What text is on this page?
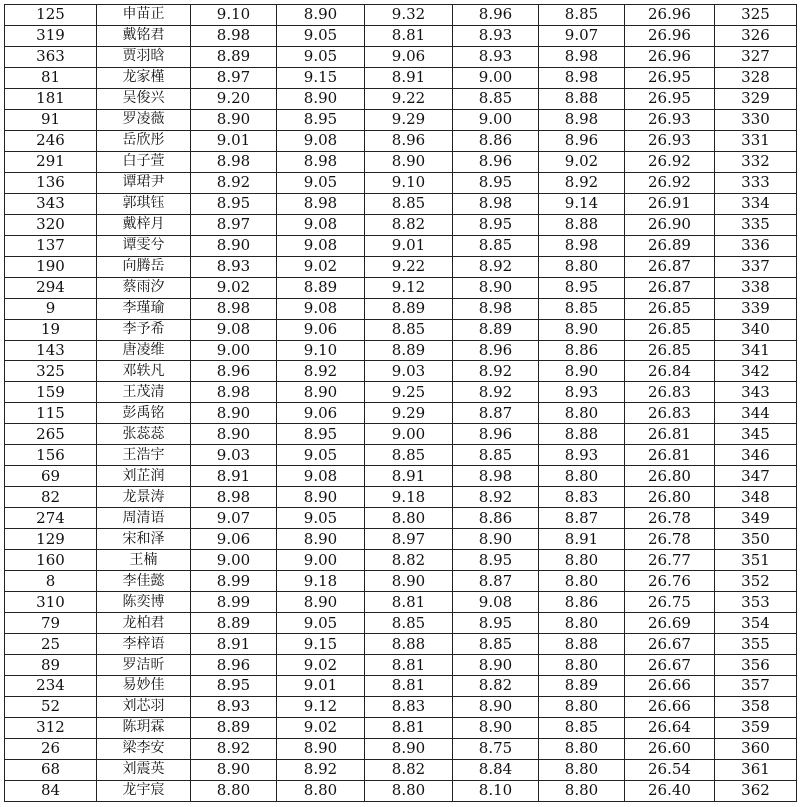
125	申苗正	9.10	8.90	9.32	8.96	8.85	26.96	325
319	戴铭君	8.98	9.05	8.81	8.93	9.07	26.96	326
363	贾羽晗	8.89	9.05	9.06	8.93	8.98	26.96	327
81	龙家槿	8.97	9.15	8.91	9.00	8.98	26.95	328
181	吴俊兴	9.20	8.90	9.22	8.85	8.88	26.95	329
91	罗凌薇	8.90	8.95	9.29	9.00	8.98	26.93	330
246	岳欣彤	9.01	9.08	8.96	8.86	8.96	26.93	331
291	白子萱	8.98	8.98	8.90	8.96	9.02	26.92	332
136	谭珺尹	8.92	9.05	9.10	8.95	8.92	26.92	333
343	郭琪钰	8.95	8.98	8.85	8.98	9.14	26.91	334
320	戴梓月	8.97	9.08	8.82	8.95	8.88	26.90	335
137	谭雯兮	8.90	9.08	9.01	8.85	8.98	26.89	336
190	向腾岳	8.93	9.02	9.22	8.92	8.80	26.87	337
294	蔡雨汐	9.02	8.89	9.12	8.90	8.95	26.87	338
9	李瑾瑜	8.98	9.08	8.89	8.98	8.85	26.85	339
19	李予希	9.08	9.06	8.85	8.89	8.90	26.85	340
143	唐凌维	9.00	9.10	8.89	8.96	8.86	26.85	341
325	邓轶凡	8.96	8.92	9.03	8.92	8.90	26.84	342
159	王茂清	8.98	8.90	9.25	8.92	8.93	26.83	343
115	彭禹铭	8.90	9.06	9.29	8.87	8.80	26.83	344
265	张蕊蕊	8.90	8.95	9.00	8.96	8.88	26.81	345
156	王浩宇	9.03	9.05	8.85	8.85	8.93	26.81	346
69	刘芷润	8.91	9.08	8.91	8.98	8.80	26.80	347
82	龙景涛	8.98	8.90	9.18	8.92	8.83	26.80	348
274	周清语	9.07	9.05	8.80	8.86	8.87	26.78	349
129	宋和泽	9.06	8.90	8.97	8.90	8.91	26.78	350
160	王楠	9.00	9.00	8.82	8.95	8.80	26.77	351
8	李佳懿	8.99	9.18	8.90	8.87	8.80	26.76	352
310	陈奕博	8.99	8.90	8.81	9.08	8.86	26.75	353
79	龙柏君	8.89	9.05	8.85	8.95	8.80	26.69	354
25	李梓语	8.91	9.15	8.88	8.85	8.88	26.67	355
89	罗洁昕	8.96	9.02	8.81	8.90	8.80	26.67	356
234	易妙佳	8.95	9.01	8.81	8.82	8.89	26.66	357
52	刘芯羽	8.93	9.12	8.83	8.90	8.80	26.66	358
312	陈玥霖	8.89	9.02	8.81	8.90	8.85	26.64	359
26	梁李安	8.92	8.90	8.90	8.75	8.80	26.60	360
68	刘震英	8.90	8.92	8.82	8.84	8.80	26.54	361
84	龙宇宸	8.80	8.80	8.80	8.10	8.80	26.40	362
